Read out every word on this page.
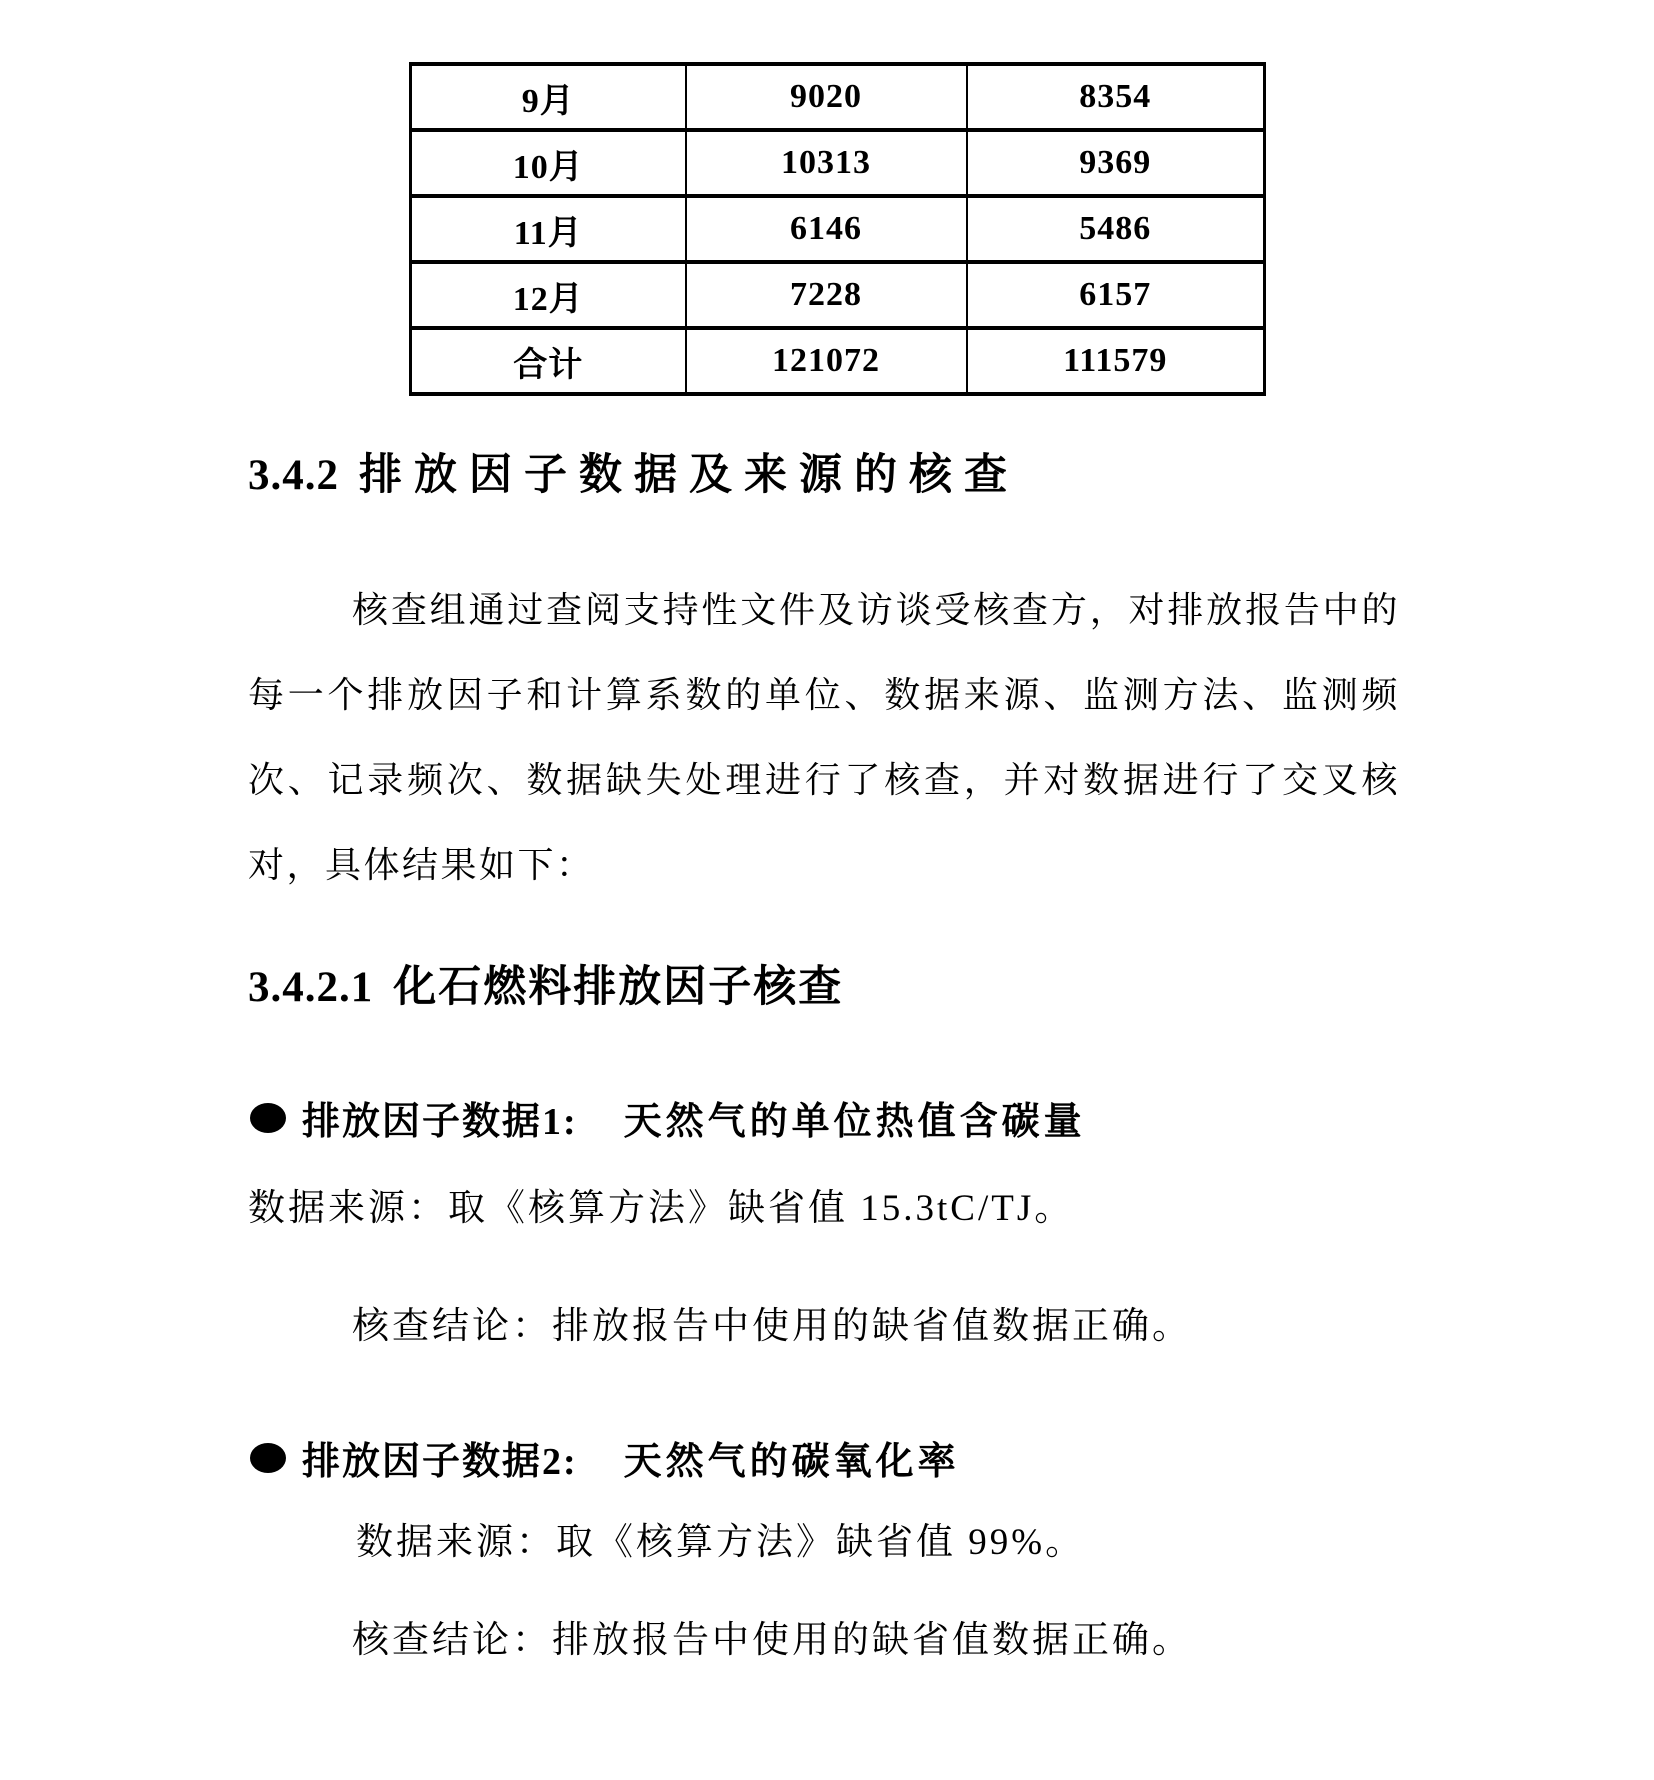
9月	9020	8354
10月	10313	9369
11月	6146	5486
12月	7228	6157
合计	121072	111579
3.4.2 排放因子数据及来源的核查
核查组通过查阅支持性文件及访谈受核查方，对排放报告中的
每一个排放因子和计算系数的单位、数据来源、监测方法、监测频
次、记录频次、数据缺失处理进行了核查，并对数据进行了交叉核
对，具体结果如下：
3.4.2.1 化石燃料排放因子核查
排放因子数据1: 天然气的单位热值含碳量
数据来源：取《核算方法》缺省值 15.3tC/TJ。
核查结论：排放报告中使用的缺省值数据正确。
排放因子数据2: 天然气的碳氧化率
数据来源：取《核算方法》缺省值 99%。
核查结论：排放报告中使用的缺省值数据正确。
